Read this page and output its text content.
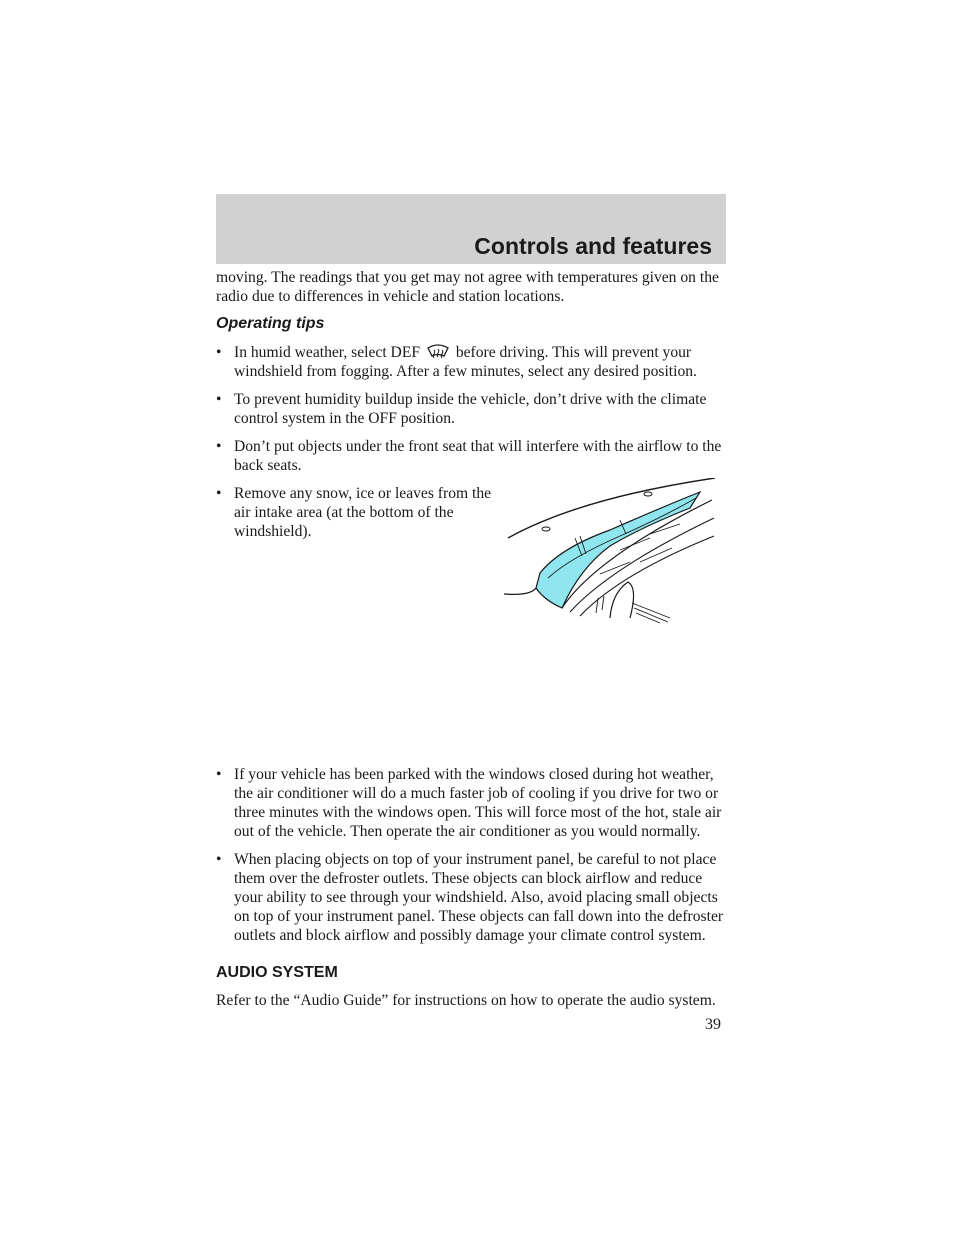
Controls and features

moving. The readings that you get may not agree with temperatures given on the radio due to differences in vehicle and station locations.

Operating tips
• In humid weather, select DEF before driving. This will prevent your windshield from fogging. After a few minutes, select any desired position.
• To prevent humidity buildup inside the vehicle, don’t drive with the climate control system in the OFF position.
• Don’t put objects under the front seat that will interfere with the airflow to the back seats.
• Remove any snow, ice or leaves from the air intake area (at the bottom of the windshield).
• If your vehicle has been parked with the windows closed during hot weather, the air conditioner will do a much faster job of cooling if you drive for two or three minutes with the windows open. This will force most of the hot, stale air out of the vehicle. Then operate the air conditioner as you would normally.
• When placing objects on top of your instrument panel, be careful to not place them over the defroster outlets. These objects can block airflow and reduce your ability to see through your windshield. Also, avoid placing small objects on top of your instrument panel. These objects can fall down into the defroster outlets and block airflow and possibly damage your climate control system.
AUDIO SYSTEM

Refer to the “Audio Guide” for instructions on how to operate the audio system.

39
